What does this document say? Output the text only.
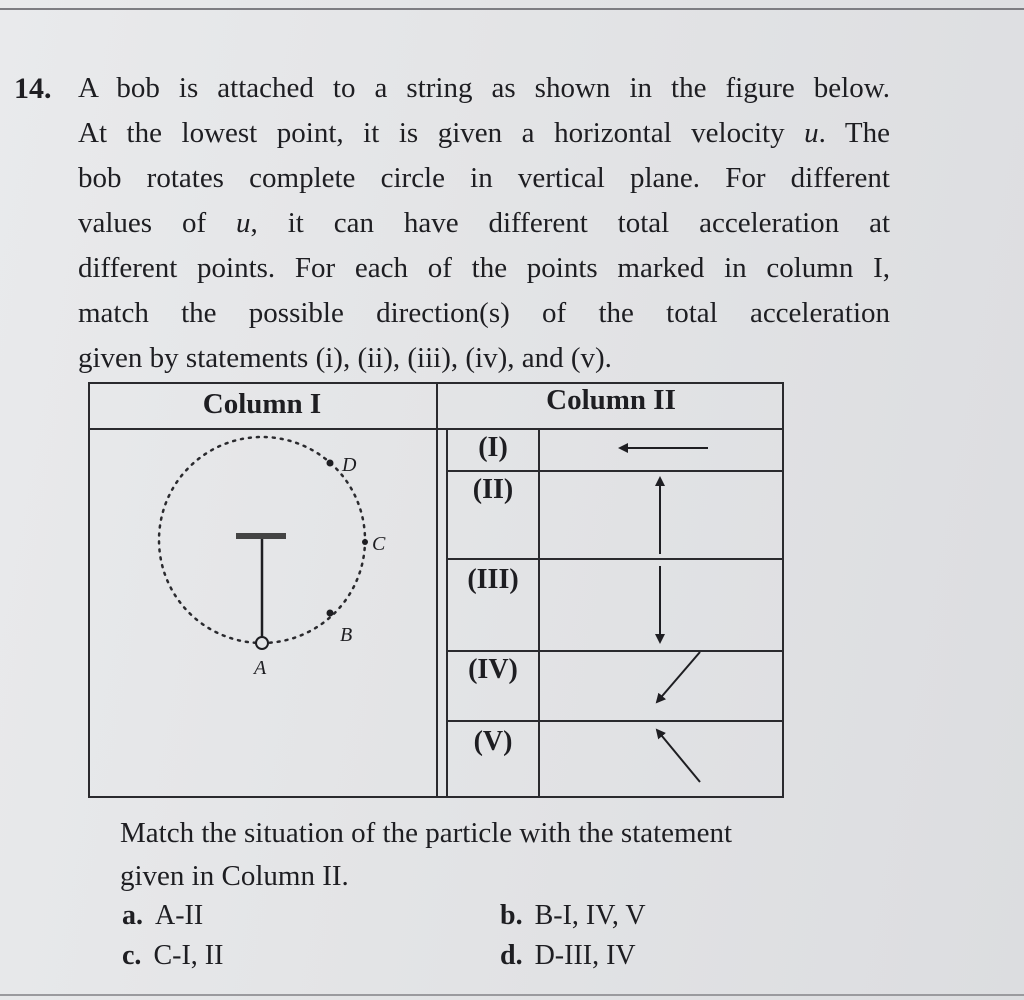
14. A bob is attached to a string as shown in the figure below.
At the lowest point, it is given a horizontal velocity u. The
bob rotates complete circle in vertical plane. For different
values of u, it can have different total acceleration at
different points. For each of the points marked in column I,
match the possible direction(s) of the total acceleration
given by statements (i), (ii), (iii), (iv), and (v).
Column I	Column II
(I)
(II)
(III)
(IV)
(V)
D
C
B
A
Match the situation of the particle with the statement
given in Column II.
a. A-II	b. B-I, IV, V
c. C-I, II	d. D-III, IV
